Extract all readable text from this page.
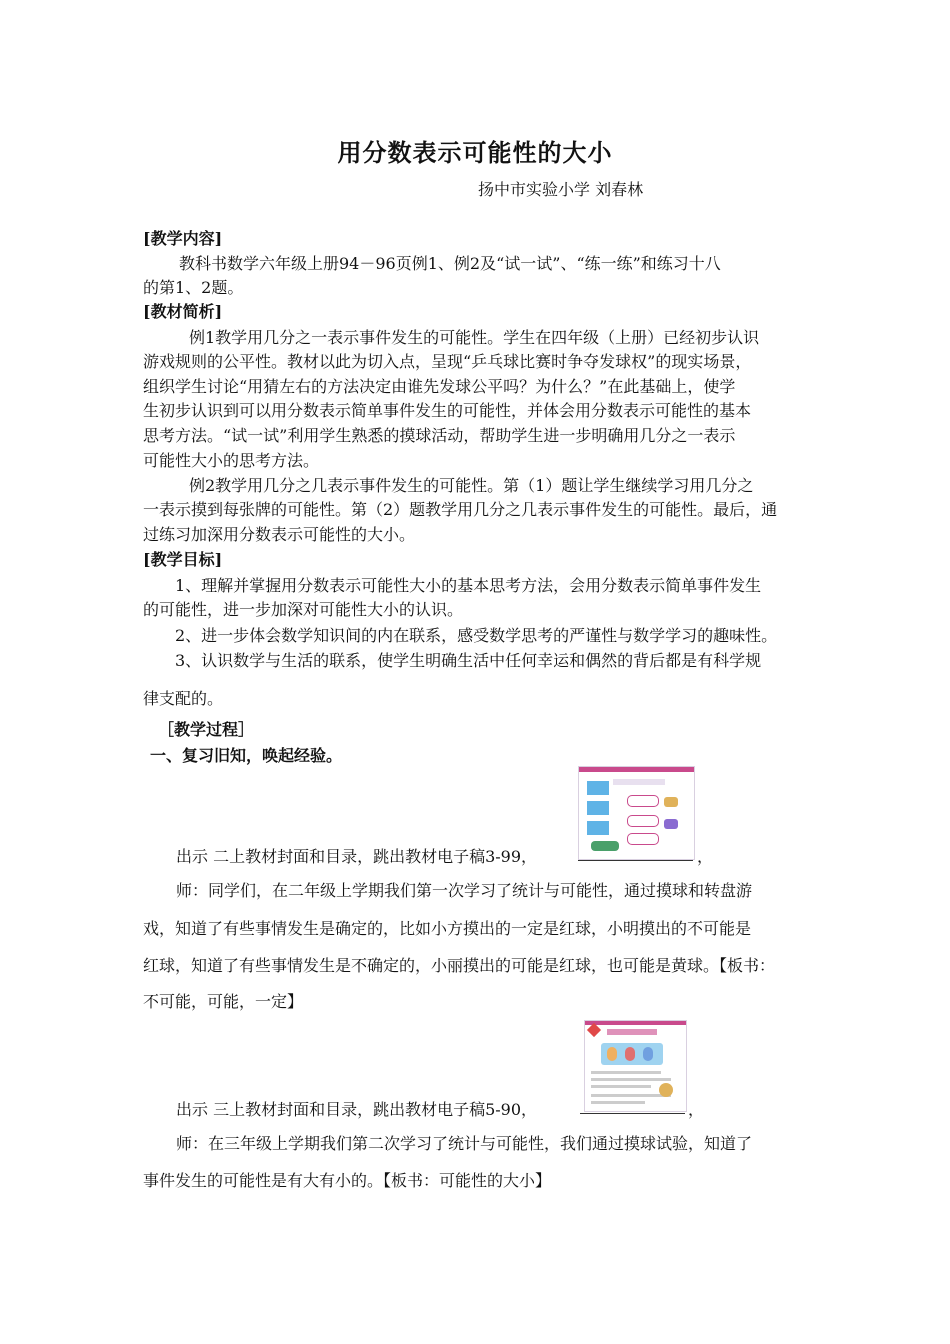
用分数表示可能性的大小
扬中市实验小学 刘春林
[教学内容]
教科书数学六年级上册94－96页例1、例2及“试一试”、“练一练”和练习十八
的第1、2题。
[教材简析]
例1教学用几分之一表示事件发生的可能性。学生在四年级（上册）已经初步认识
游戏规则的公平性。教材以此为切入点，呈现“乒乓球比赛时争夺发球权”的现实场景，
组织学生讨论“用猜左右的方法决定由谁先发球公平吗？为什么？”在此基础上，使学
生初步认识到可以用分数表示简单事件发生的可能性，并体会用分数表示可能性的基本
思考方法。“试一试”利用学生熟悉的摸球活动，帮助学生进一步明确用几分之一表示
可能性大小的思考方法。
例2教学用几分之几表示事件发生的可能性。第（1）题让学生继续学习用几分之
一表示摸到每张牌的可能性。第（2）题教学用几分之几表示事件发生的可能性。最后，通
过练习加深用分数表示可能性的大小。
[教学目标]
1、理解并掌握用分数表示可能性大小的基本思考方法，会用分数表示简单事件发生
的可能性，进一步加深对可能性大小的认识。
2、进一步体会数学知识间的内在联系，感受数学思考的严谨性与数学学习的趣味性。
3、认识数学与生活的联系，使学生明确生活中任何幸运和偶然的背后都是有科学规
律支配的。
［教学过程］
一、复习旧知，唤起经验。
出示 二上教材封面和目录，跳出教材电子稿3-99，	，
师：同学们，在二年级上学期我们第一次学习了统计与可能性，通过摸球和转盘游
戏，知道了有些事情发生是确定的，比如小方摸出的一定是红球，小明摸出的不可能是
红球，知道了有些事情发生是不确定的，小丽摸出的可能是红球，也可能是黄球。【板书：
不可能，可能，一定】
出示 三上教材封面和目录，跳出教材电子稿5-90，	，
师：在三年级上学期我们第二次学习了统计与可能性，我们通过摸球试验，知道了
事件发生的可能性是有大有小的。【板书：可能性的大小】
